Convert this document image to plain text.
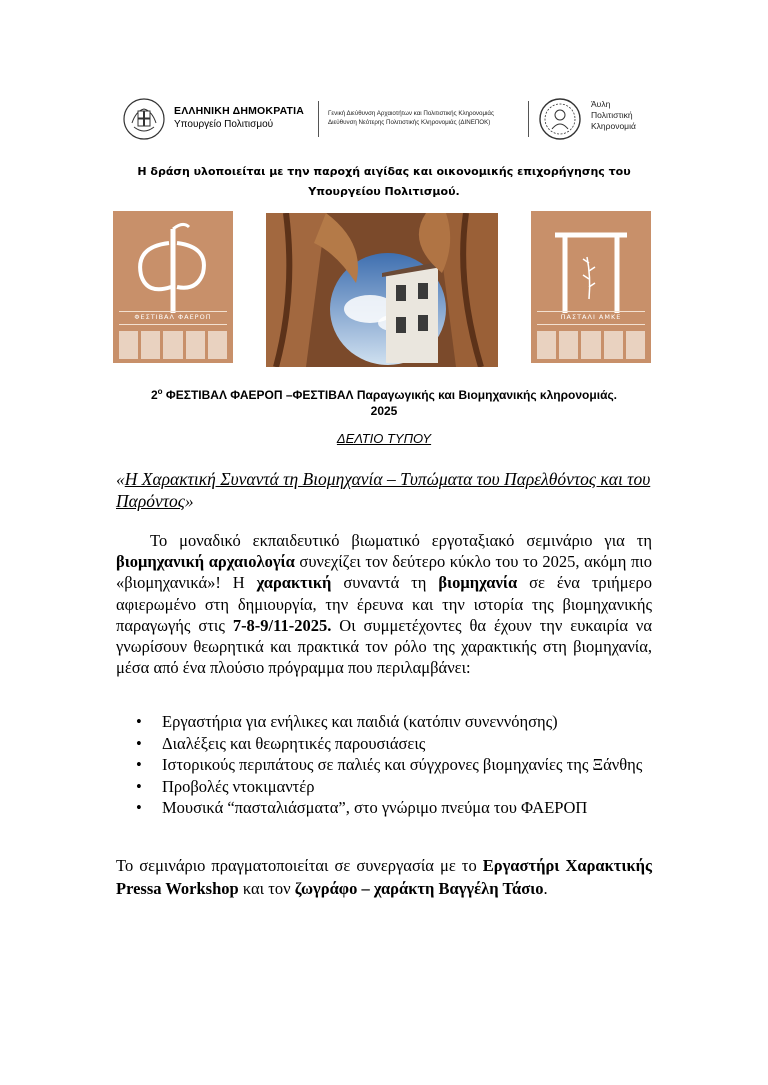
ΕΛΛΗΝΙΚΗ ΔΗΜΟΚΡΑΤΙΑ
Υπουργείο Πολιτισμού
Γενική Διεύθυνση Αρχαιοτήτων και Πολιτιστικής Κληρονομιάς
Διεύθυνση Νεότερης Πολιτιστικής Κληρονομιάς (ΔΙΝΕΠΟΚ)
Άυλη
Πολιτιστική
Κληρονομιά
Η δράση υλοποιείται με την παροχή αιγίδας και οικονομικής επιχορήγησης του Υπουργείου Πολιτισμού.
ΦΕΣΤΙΒΑΛ ΦΑΕΡΟΠ	ΠΑΣΤΑΛΙ ΑΜΚΕ
$2^o$ ΦΕΣΤΙΒΑΛ ΦΑΕΡΟΠ –ΦΕΣΤΙΒΑΛ Παραγωγικής και Βιομηχανικής κληρονομιάς.
2025
ΔΕΛΤΙΟ ΤΥΠΟΥ
«Η Χαρακτική Συναντά τη Βιομηχανία – Τυπώματα του Παρελθόντος και του Παρόντος»
Το μοναδικό εκπαιδευτικό βιωματικό εργοταξιακό σεμινάριο για τη βιομηχανική αρχαιολογία συνεχίζει τον δεύτερο κύκλο του το 2025, ακόμη πιο «βιομηχανικά»! Η χαρακτική συναντά τη βιομηχανία σε ένα τριήμερο αφιερωμένο στη δημιουργία, την έρευνα και την ιστορία της βιομηχανικής παραγωγής στις 7-8-9/11-2025. Οι συμμετέχοντες θα έχουν την ευκαιρία να γνωρίσουν θεωρητικά και πρακτικά τον ρόλο της χαρακτικής στη βιομηχανία, μέσα από ένα πλούσιο πρόγραμμα που περιλαμβάνει:
• Εργαστήρια για ενήλικες και παιδιά (κατόπιν συνεννόησης)
• Διαλέξεις και θεωρητικές παρουσιάσεις
• Ιστορικούς περιπάτους σε παλιές και σύγχρονες βιομηχανίες της Ξάνθης
• Προβολές ντοκιμαντέρ
• Μουσικά “πασταλιάσματα”, στο γνώριμο πνεύμα του ΦΑΕΡΟΠ
Το σεμινάριο πραγματοποιείται σε συνεργασία με το Εργαστήρι Χαρακτικής Pressa Workshop και τον ζωγράφο – χαράκτη Βαγγέλη Τάσιο.
